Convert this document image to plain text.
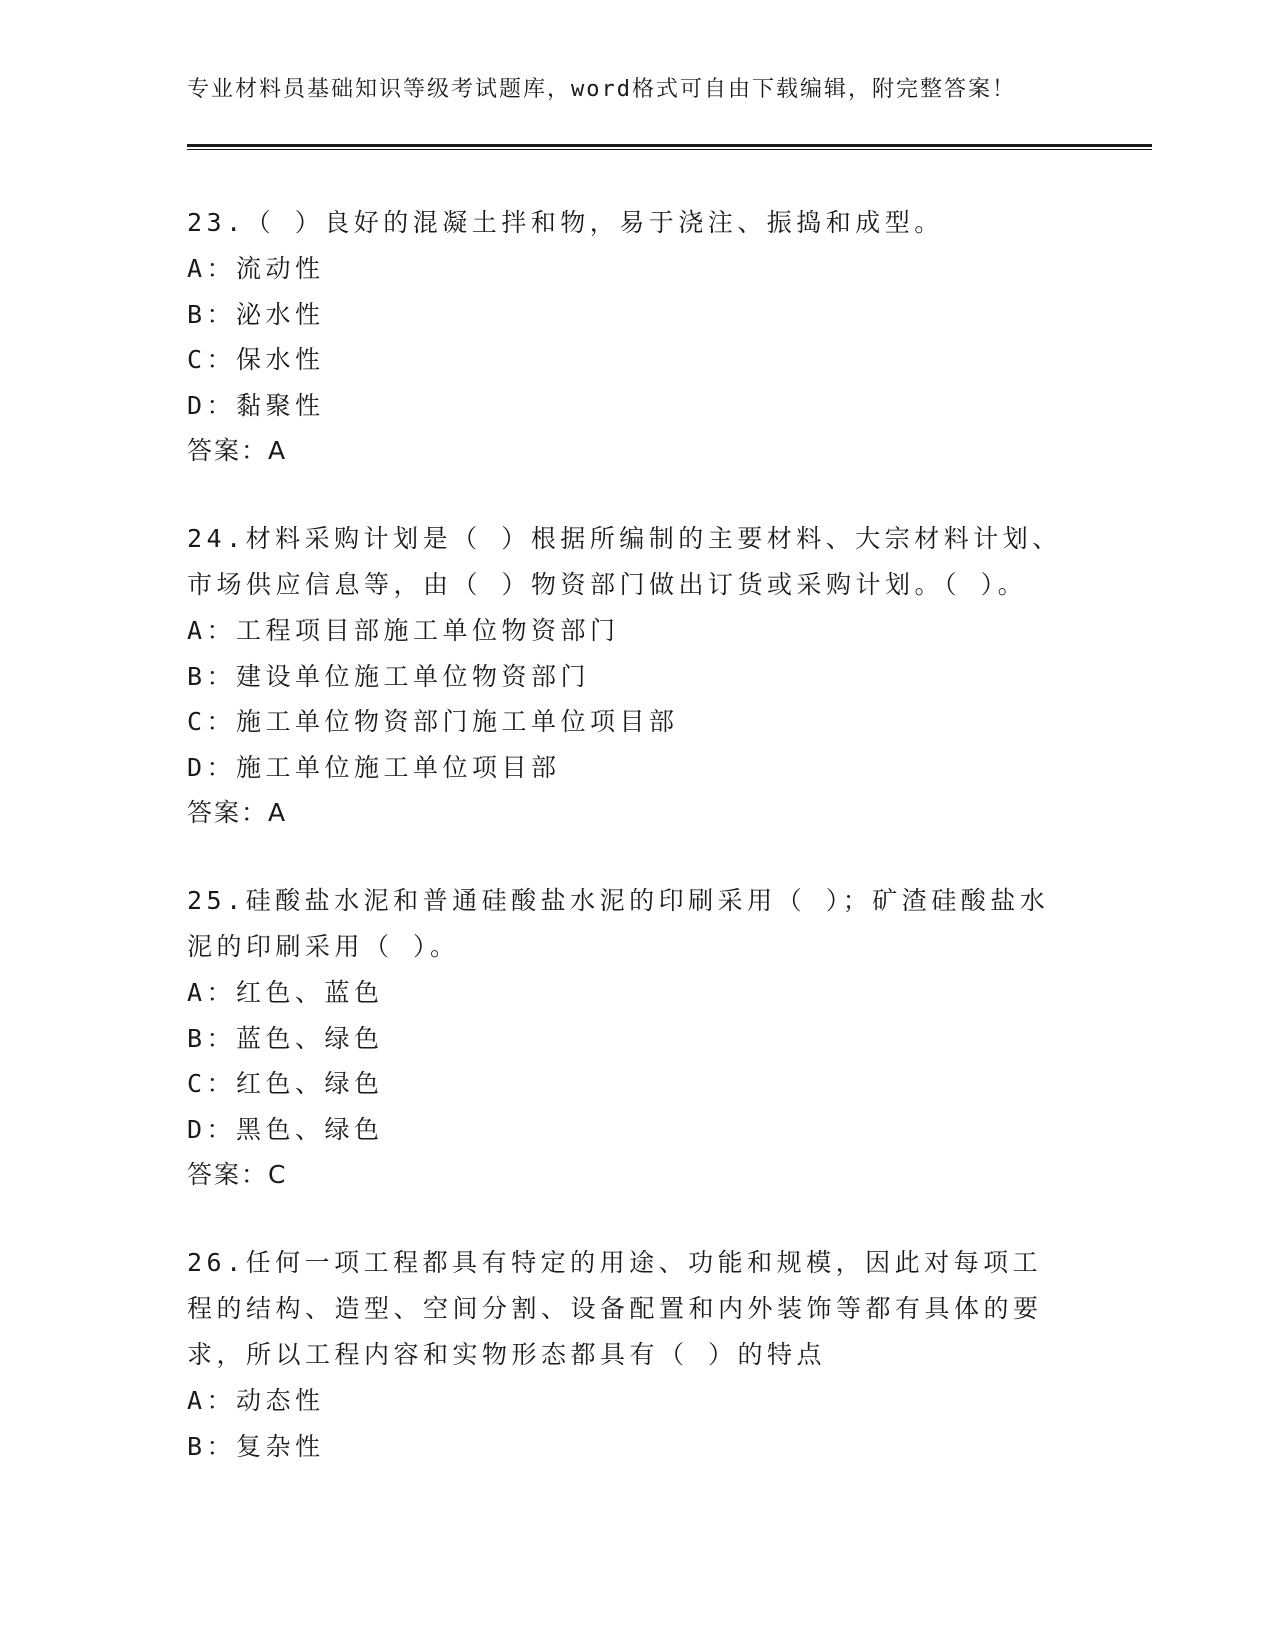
专业材料员基础知识等级考试题库，word格式可自由下载编辑，附完整答案！
23.（ ）良好的混凝土拌和物，易于浇注、振捣和成型。
A：流动性
B：泌水性
C：保水性
D：黏聚性
答案：A
24.材料采购计划是（ ）根据所编制的主要材料、大宗材料计划、市场供应信息等，由（ ）物资部门做出订货或采购计划。（ ）。
A：工程项目部施工单位物资部门
B：建设单位施工单位物资部门
C：施工单位物资部门施工单位项目部
D：施工单位施工单位项目部
答案：A
25.硅酸盐水泥和普通硅酸盐水泥的印刷采用（ ）；矿渣硅酸盐水泥的印刷采用（ ）。
A：红色、蓝色
B：蓝色、绿色
C：红色、绿色
D：黑色、绿色
答案：C
26.任何一项工程都具有特定的用途、功能和规模，因此对每项工程的结构、造型、空间分割、设备配置和内外装饰等都有具体的要求，所以工程内容和实物形态都具有（ ）的特点
A：动态性
B：复杂性
